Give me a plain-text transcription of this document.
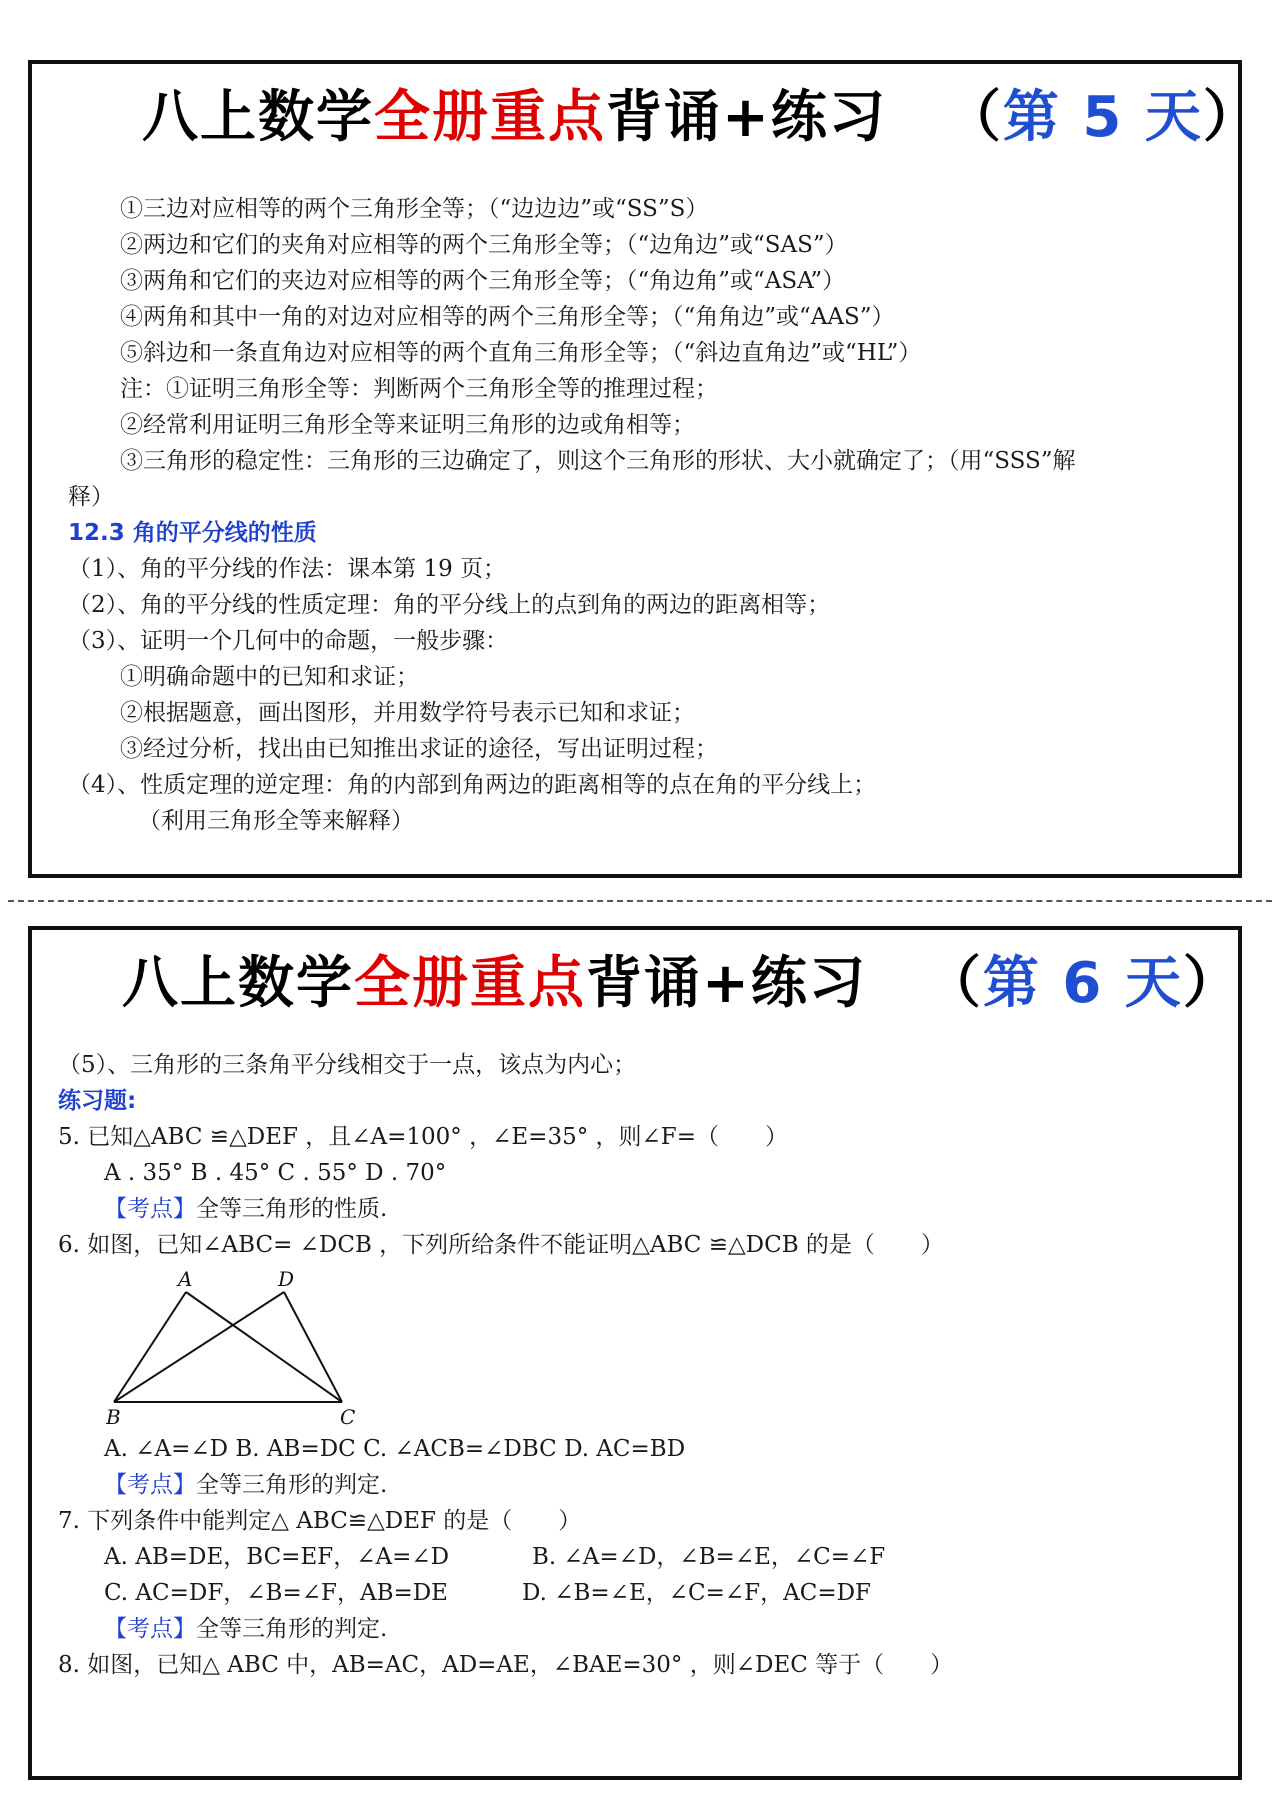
八上数学全册重点背诵+练习 （第 5 天）
①三边对应相等的两个三角形全等；（“边边边”或“SS”S）
②两边和它们的夹角对应相等的两个三角形全等；（“边角边”或“SAS”）
③两角和它们的夹边对应相等的两个三角形全等；（“角边角”或“ASA”）
④两角和其中一角的对边对应相等的两个三角形全等；（“角角边”或“AAS”）
⑤斜边和一条直角边对应相等的两个直角三角形全等；（“斜边直角边”或“HL”）
注：①证明三角形全等：判断两个三角形全等的推理过程；
②经常利用证明三角形全等来证明三角形的边或角相等；
③三角形的稳定性：三角形的三边确定了，则这个三角形的形状、大小就确定了；（用“SSS”解
释）
12.3 角的平分线的性质
（1）、角的平分线的作法：课本第 19 页；
（2）、角的平分线的性质定理：角的平分线上的点到角的两边的距离相等；
（3）、证明一个几何中的命题，一般步骤：
①明确命题中的已知和求证；
②根据题意，画出图形，并用数学符号表示已知和求证；
③经过分析，找出由已知推出求证的途径，写出证明过程；
（4）、性质定理的逆定理：角的内部到角两边的距离相等的点在角的平分线上；
（利用三角形全等来解释）
八上数学全册重点背诵+练习 （第 6 天）
（5）、三角形的三条角平分线相交于一点，该点为内心；
练习题:
5. 已知△ABC ≌△DEF ，且∠A=100° ，∠E=35° ，则∠F=（　　）
A . 35° B . 45° C . 55° D . 70°
【考点】全等三角形的性质.
6. 如图，已知∠ABC= ∠DCB ，下列所给条件不能证明△ABC ≌△DCB 的是（　　）
A	D
B	C
A. ∠A=∠D B. AB=DC C. ∠ACB=∠DBC D. AC=BD
【考点】全等三角形的判定.
7. 下列条件中能判定△ ABC≌△DEF 的是（　　）
A. AB=DE，BC=EF，∠A=∠D	B. ∠A=∠D，∠B=∠E，∠C=∠F
C. AC=DF，∠B=∠F，AB=DE	D. ∠B=∠E，∠C=∠F，AC=DF
【考点】全等三角形的判定.
8. 如图，已知△ ABC 中，AB=AC，AD=AE，∠BAE=30° ，则∠DEC 等于（　　）
